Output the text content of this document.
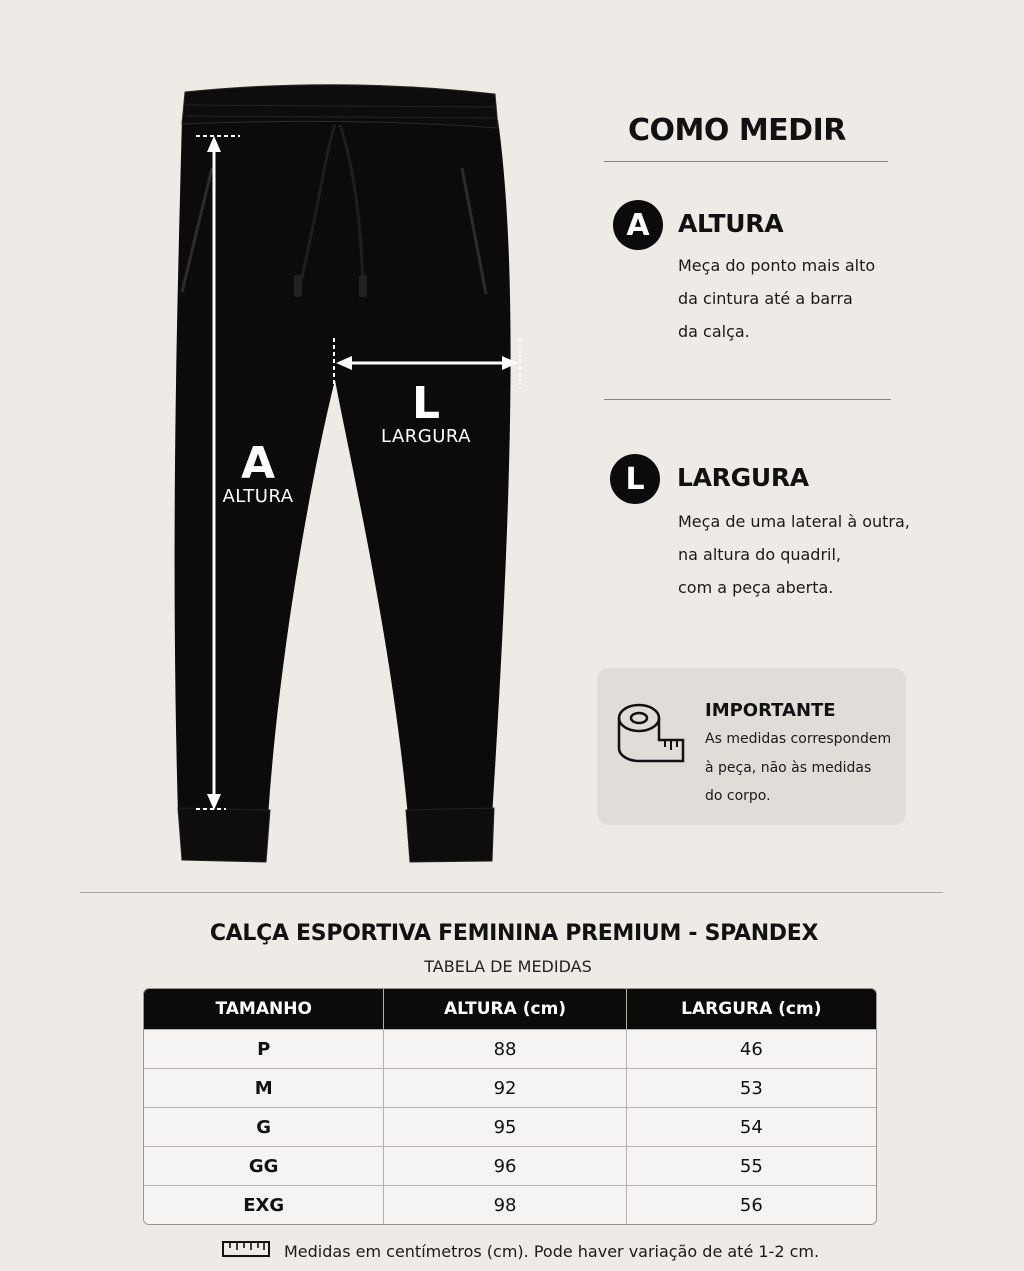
L
LARGURA
A
ALTURA
COMO MEDIR
A	ALTURA
Meça do ponto mais alto
da cintura até a barra
da calça.
L	LARGURA
Meça de uma lateral à outra,
na altura do quadril,
com a peça aberta.
IMPORTANTE
As medidas correspondem
à peça, não às medidas
do corpo.
CALÇA ESPORTIVA FEMININA PREMIUM - SPANDEX
TABELA DE MEDIDAS
TAMANHO	ALTURA (cm)	LARGURA (cm)
P	88	46
M	92	53
G	95	54
GG	96	55
EXG	98	56
Medidas em centímetros (cm). Pode haver variação de até 1-2 cm.
